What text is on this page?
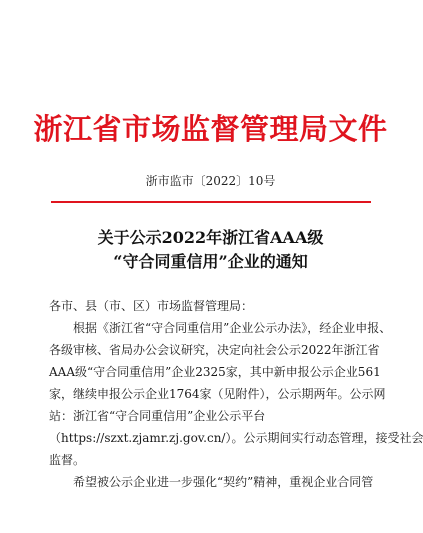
浙江省市场监督管理局文件
浙市监市〔2022〕10号
关于公示2022年浙江省AAA级
“守合同重信用”企业的通知

各市、县（市、区）市场监督管理局：

根据《浙江省“守合同重信用”企业公示办法》，经企业申报、
各级审核、省局办公会议研究，决定向社会公示2022年浙江省
AAA级“守合同重信用”企业2325家，其中新申报公示企业561
家，继续申报公示企业1764家（见附件），公示期两年。公示网
站：浙江省“守合同重信用”企业公示平台
（https://szxt.zjamr.zj.gov.cn/）。公示期间实行动态管理，接受社会
监督。
希望被公示企业进一步强化“契约”精神，重视企业合同管
